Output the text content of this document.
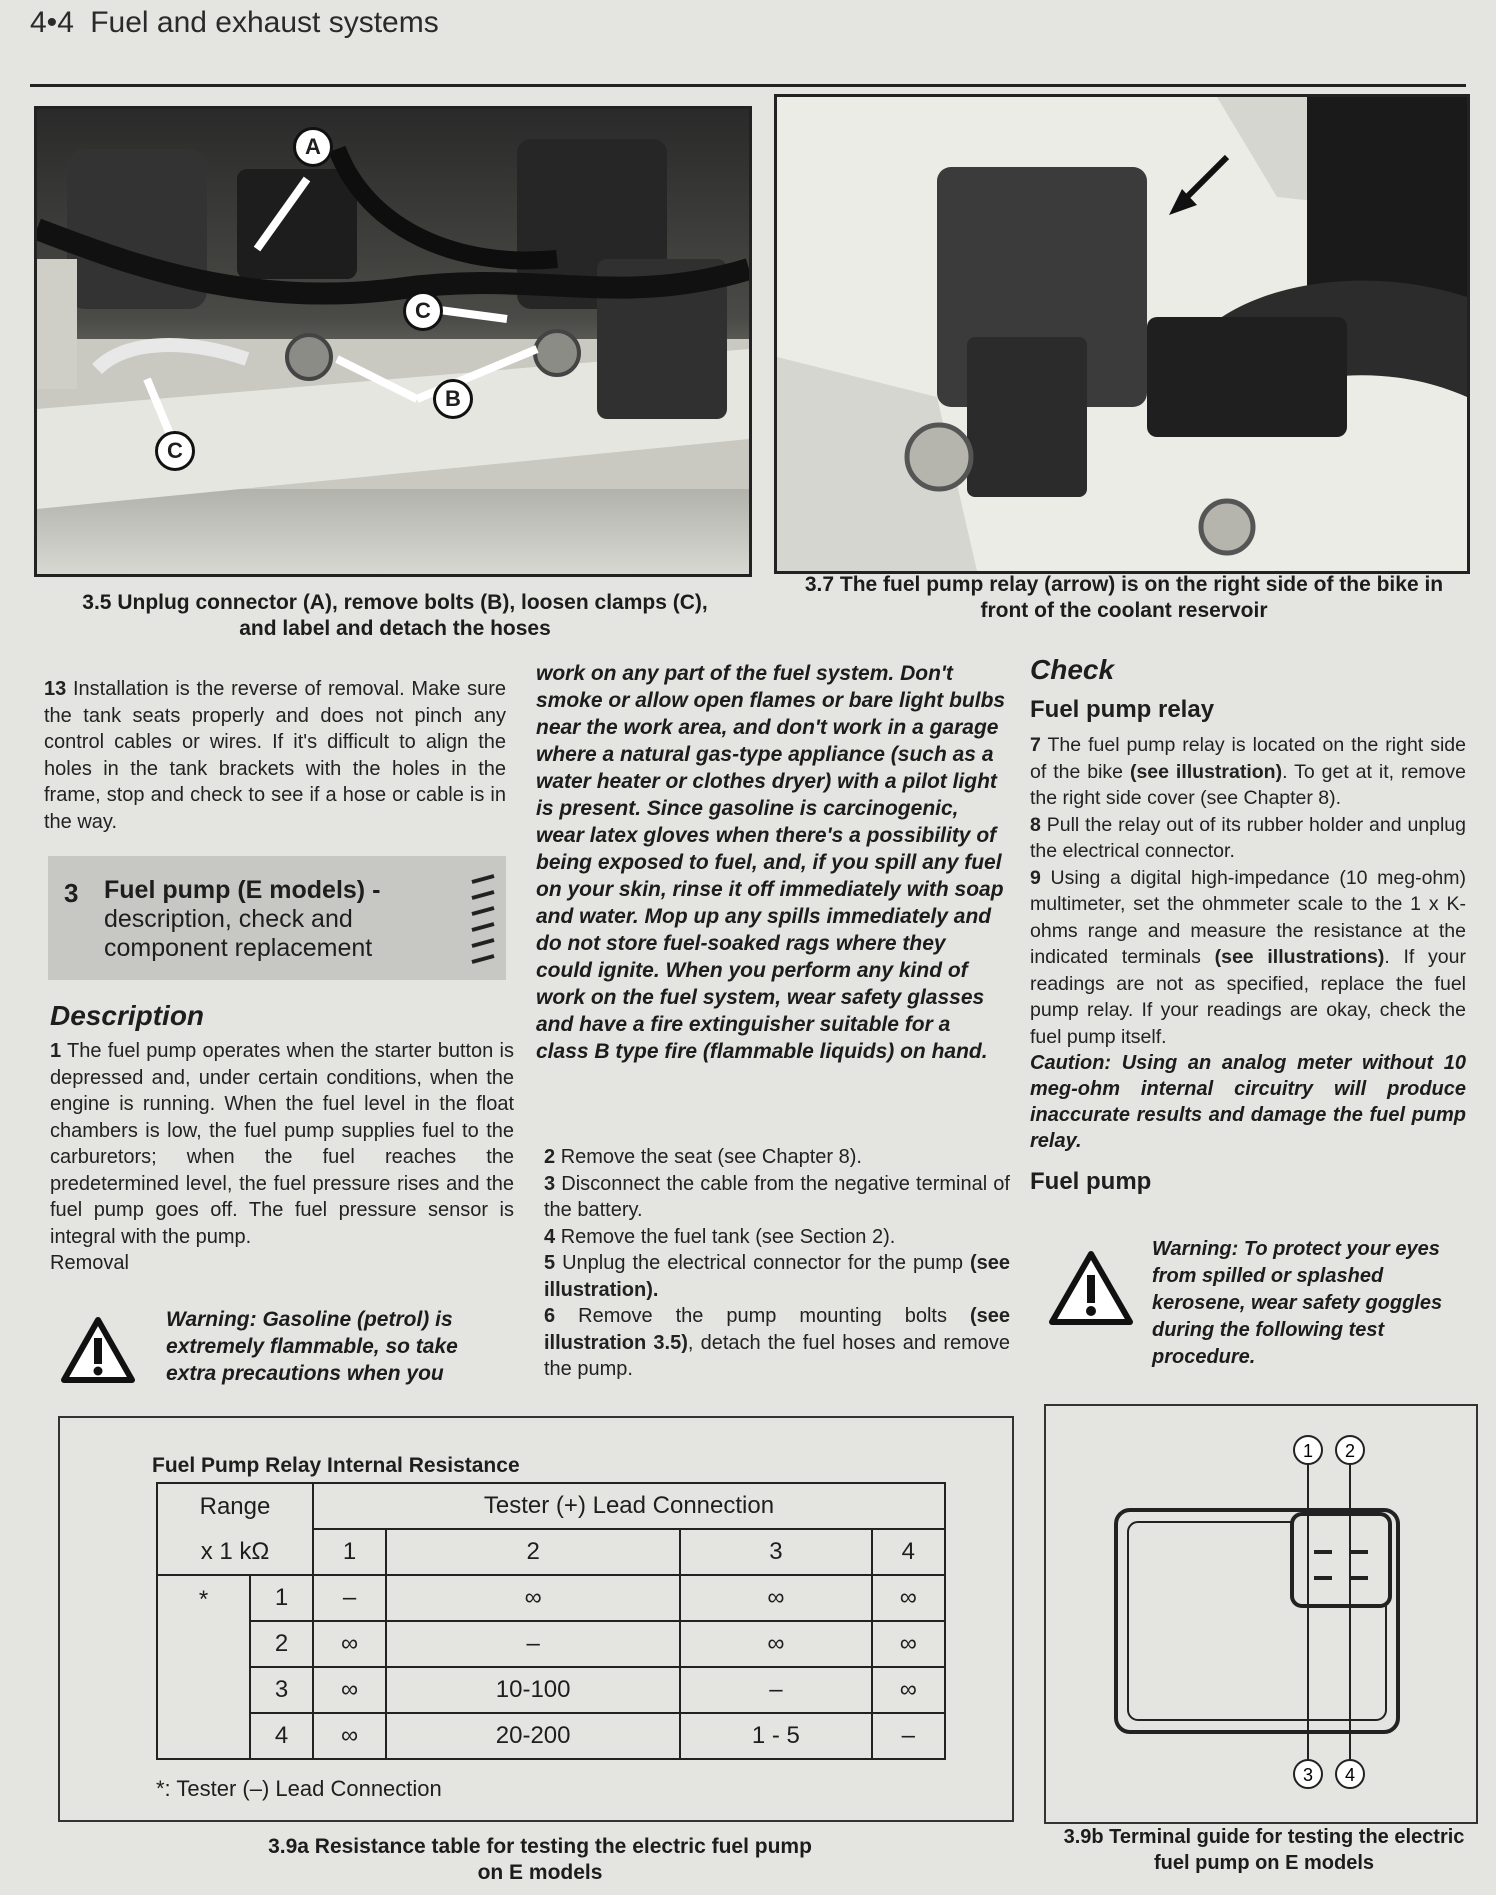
4•4 Fuel and exhaust systems
A
C
B
C
3.5 Unplug connector (A), remove bolts (B), loosen clamps (C),
and label and detach the hoses
3.7 The fuel pump relay (arrow) is on the right side of the bike in
front of the coolant reservoir

13 Installation is the reverse of removal. Make sure the tank seats properly and does not pinch any control cables or wires. If it's difficult to align the holes in the tank brackets with the holes in the frame, stop and check to see if a hose or cable is in the way.

3 Fuel pump (E models) -
description, check and
component replacement
Description

1 The fuel pump operates when the starter button is depressed and, under certain conditions, when the engine is running. When the fuel level in the float chambers is low, the fuel pump supplies fuel to the carburetors; when the fuel reaches the predetermined level, the fuel pressure rises and the fuel pump goes off. The fuel pressure sensor is integral with the pump.

Removal

Warning: Gasoline (petrol) is extremely flammable, so take extra precautions when you

work on any part of the fuel system. Don't smoke or allow open flames or bare light bulbs near the work area, and don't work in a garage where a natural gas-type appliance (such as a water heater or clothes dryer) with a pilot light is present. Since gasoline is carcinogenic, wear latex gloves when there's a possibility of being exposed to fuel, and, if you spill any fuel on your skin, rinse it off immediately with soap and water. Mop up any spills immediately and do not store fuel-soaked rags where they could ignite. When you perform any kind of work on the fuel system, wear safety glasses and have a fire extinguisher suitable for a class B type fire (flammable liquids) on hand.

2 Remove the seat (see Chapter 8).

3 Disconnect the cable from the negative terminal of the battery.

4 Remove the fuel tank (see Section 2).

5 Unplug the electrical connector for the pump (see illustration).

6 Remove the pump mounting bolts (see illustration 3.5), detach the fuel hoses and remove the pump.

Check
Fuel pump relay

7 The fuel pump relay is located on the right side of the bike (see illustration). To get at it, remove the right side cover (see Chapter 8).

8 Pull the relay out of its rubber holder and unplug the electrical connector.

9 Using a digital high-impedance (10 meg-ohm) multimeter, set the ohmmeter scale to the 1 x K-ohms range and measure the resistance at the indicated terminals (see illustrations). If your readings are not as specified, replace the fuel pump relay. If your readings are okay, check the fuel pump itself.

Caution: Using an analog meter without 10 meg-ohm internal circuitry will produce inaccurate results and damage the fuel pump relay.

Fuel pump

Warning: To protect your eyes from spilled or splashed kerosene, wear safety goggles during the following test procedure.

Fuel Pump Relay Internal Resistance
Range		Tester (+) Lead Connection			
x 1 kΩ		1	2	3	4
*	1	–	∞	∞	∞
	2	∞	–	∞	∞
	3	∞	10-100	–	∞
	4	∞	20-200	1 - 5	–
*: Tester (–) Lead Connection
3.9a Resistance table for testing the electric fuel pump
on E models
1 2
3 4
3.9b Terminal guide for testing the electric
fuel pump on E models
